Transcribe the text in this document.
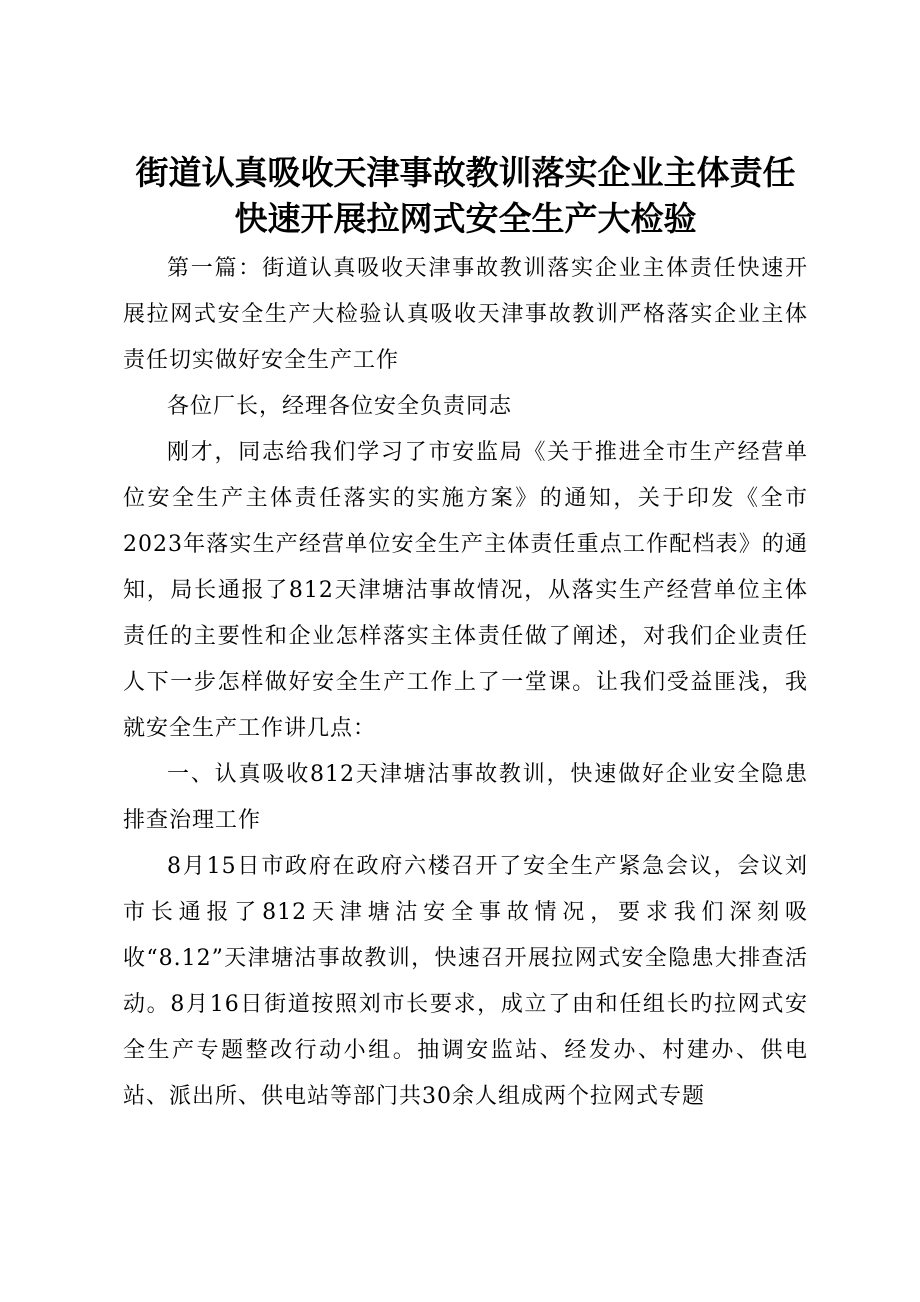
街道认真吸收天津事故教训落实企业主体责任
快速开展拉网式安全生产大检验

第一篇：街道认真吸收天津事故教训落实企业主体责任快速开展拉网式安全生产大检验认真吸收天津事故教训严格落实企业主体责任切实做好安全生产工作

各位厂长，经理各位安全负责同志

刚才，同志给我们学习了市安监局《关于推进全市生产经营单位安全生产主体责任落实的实施方案》的通知，关于印发《全市2023年落实生产经营单位安全生产主体责任重点工作配档表》的通知，局长通报了812天津塘沽事故情况，从落实生产经营单位主体责任的主要性和企业怎样落实主体责任做了阐述，对我们企业责任人下一步怎样做好安全生产工作上了一堂课。让我们受益匪浅，我就安全生产工作讲几点：

一、认真吸收812天津塘沽事故教训，快速做好企业安全隐患排查治理工作

8月15日市政府在政府六楼召开了安全生产紧急会议，会议刘市长通报了812天津塘沽安全事故情况，要求我们深刻吸收“8.12”天津塘沽事故教训，快速召开展拉网式安全隐患大排查活动。8月16日街道按照刘市长要求，成立了由和任组长旳拉网式安全生产专题整改行动小组。抽调安监站、经发办、村建办、供电站、派出所、供电站等部门共30余人组成两个拉网式专题
